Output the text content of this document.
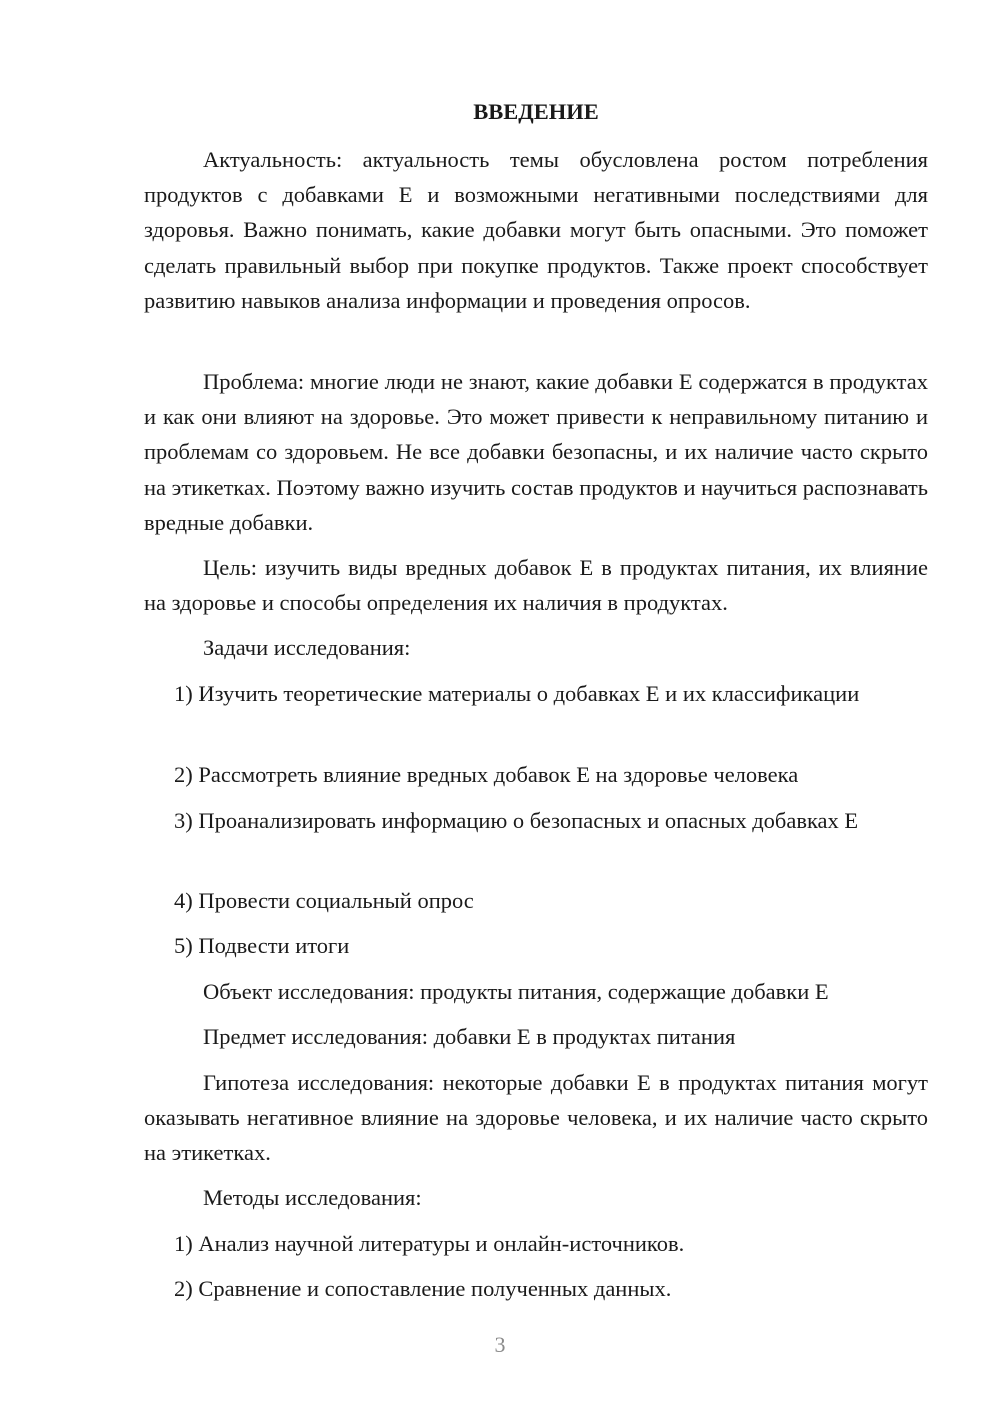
ВВЕДЕНИЕ

Актуальность: актуальность темы обусловлена ростом потребления продуктов с добавками Е и возможными негативными последствиями для здоровья. Важно понимать, какие добавки могут быть опасными. Это поможет сделать правильный выбор при покупке продуктов. Также проект способствует развитию навыков анализа информации и проведения опросов.

Проблема: многие люди не знают, какие добавки Е содержатся в продуктах и как они влияют на здоровье. Это может привести к неправильному питанию и проблемам со здоровьем. Не все добавки безопасны, и их наличие часто скрыто на этикетках. Поэтому важно изучить состав продуктов и научиться распознавать вредные добавки.

Цель: изучить виды вредных добавок Е в продуктах питания, их влияние на здоровье и способы определения их наличия в продуктах.

Задачи исследования:

1) Изучить теоретические материалы о добавках Е и их классификации

2) Рассмотреть влияние вредных добавок Е на здоровье человека

3) Проанализировать информацию о безопасных и опасных добавках Е

4) Провести социальный опрос

5) Подвести итоги

Объект исследования: продукты питания, содержащие добавки Е

Предмет исследования: добавки Е в продуктах питания

Гипотеза исследования: некоторые добавки Е в продуктах питания могут оказывать негативное влияние на здоровье человека, и их наличие часто скрыто на этикетках.

Методы исследования:

1) Анализ научной литературы и онлайн-источников.

2) Сравнение и сопоставление полученных данных.

3
